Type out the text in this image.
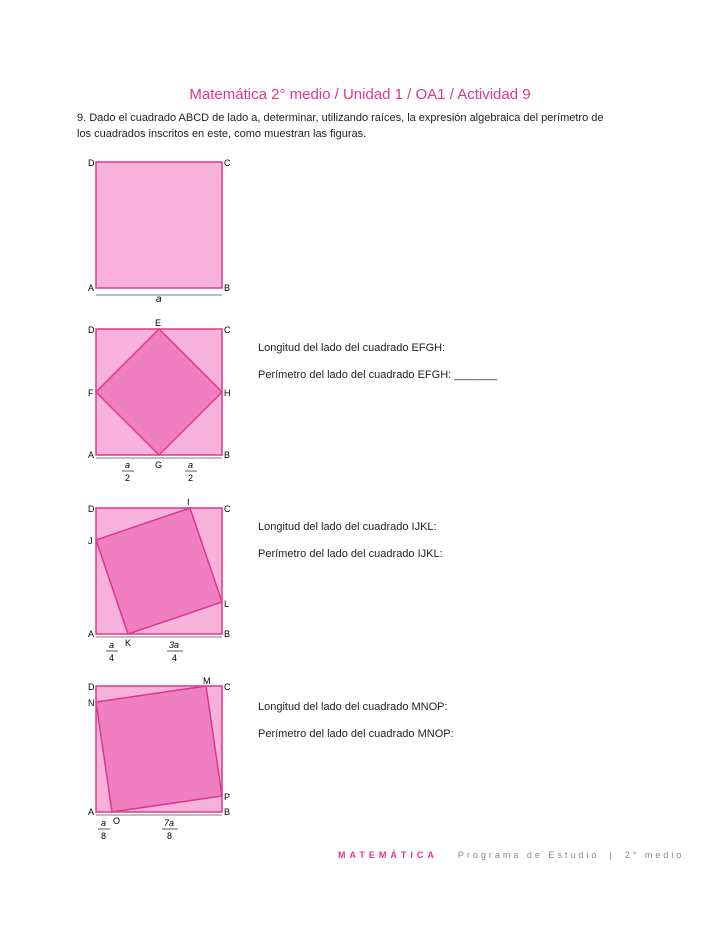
Matemática 2° medio / Unidad 1 / OA1 / Actividad 9
9. Dado el cuadrado ABCD de lado a, determinar, utilizando raíces, la expresión algebraica del perímetro de los cuadrados inscritos en este, como muestran las figuras.
D	C
A	B
a
D	C
A	B
E
F
G
H
a
2
a
2
D	C
A	B
I
J
K
L
a
4
3a
4
D	C
A	B
M
N
O
P
a
8
7a
8
Longitud del lado del cuadrado EFGH:
Perímetro del lado del cuadrado EFGH: _______
Longitud del lado del cuadrado IJKL:
Perímetro del lado del cuadrado IJKL:
Longitud del lado del cuadrado MNOP:
Perímetro del lado del cuadrado MNOP:
MATEMÁTICA Programa de Estudio | 2° medio
